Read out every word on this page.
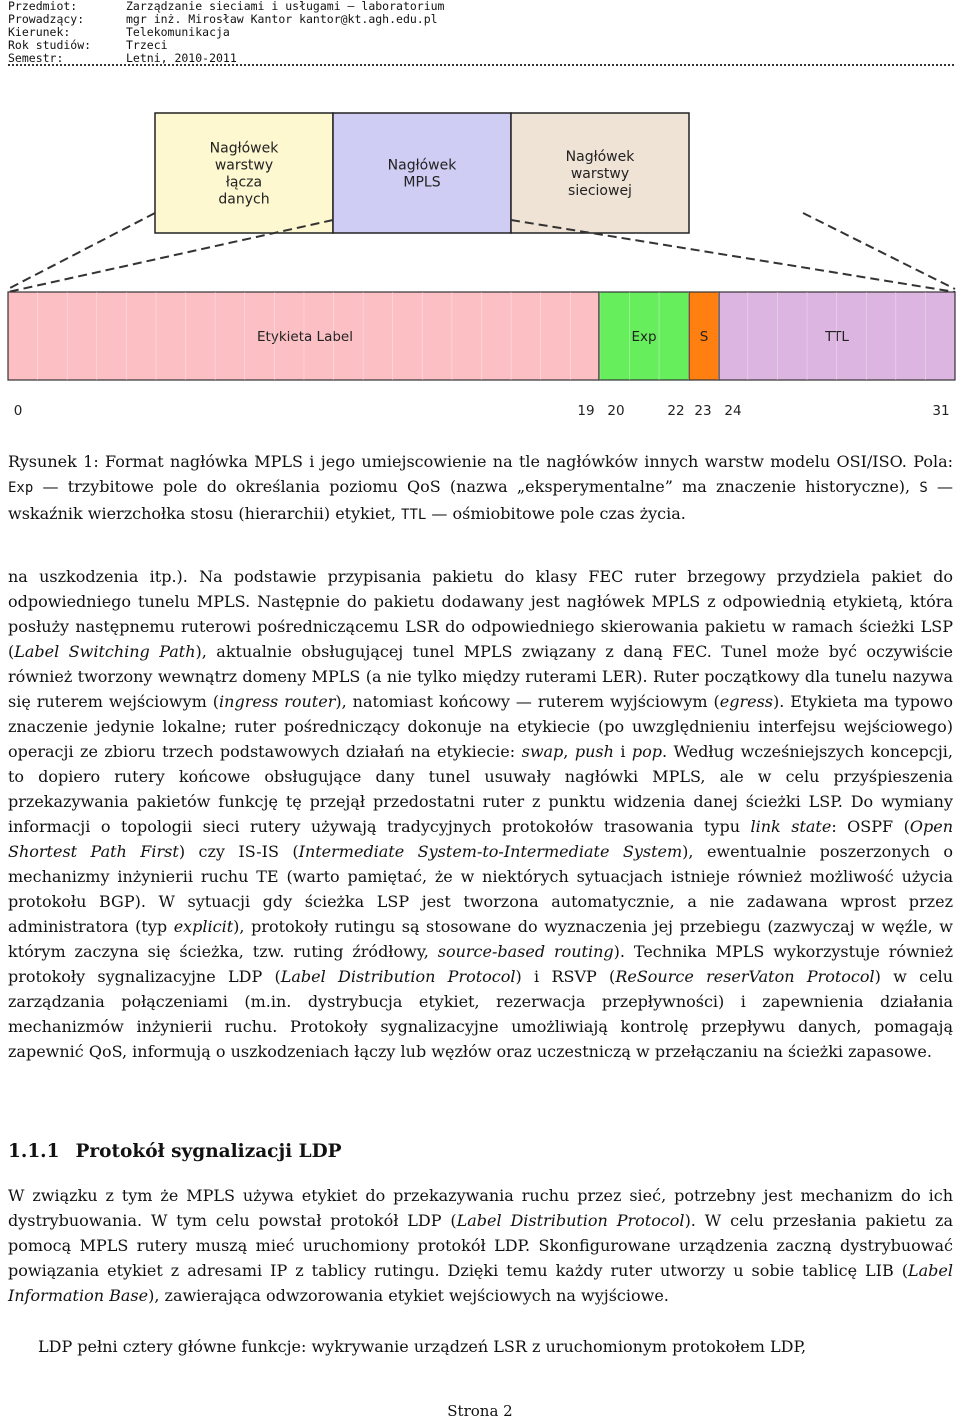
Przedmiot:	Zarządzanie sieciami i usługami — laboratorium
Prowadzący:	mgr inż. Mirosław Kantor kantor@kt.agh.edu.pl
Kierunek:	Telekomunikacja
Rok studiów:	Trzeci
Semestr:	Letni, 2010-2011
Nagłówek
warstwy
łącza
danych
Nagłówek
MPLS
Nagłówek
warstwy
sieciowej
Etykieta Label	Exp	S	TTL
0	19 20	22 23 24	31

Rysunek 1: Format nagłówka MPLS i jego umiejscowienie na tle nagłówków innych warstw modelu OSI/ISO. Pola: Exp — trzybitowe pole do określania poziomu QoS (nazwa „eksperymentalne” ma znaczenie historyczne), S — wskaźnik wierzchołka stosu (hierarchii) etykiet, TTL — ośmiobitowe pole czas życia.

na uszkodzenia itp.). Na podstawie przypisania pakietu do klasy FEC ruter brzegowy przydziela pakiet do odpowiedniego tunelu MPLS. Następnie do pakietu dodawany jest nagłówek MPLS z odpowiednią etykietą, która posłuży następnemu ruterowi pośredniczącemu LSR do odpowiedniego skierowania pakietu w ramach ścieżki LSP (Label Switching Path), aktualnie obsługującej tunel MPLS związany z daną FEC. Tunel może być oczywiście również tworzony wewnątrz domeny MPLS (a nie tylko między ruterami LER). Ruter początkowy dla tunelu nazywa się ruterem wejściowym (ingress router), natomiast końcowy — ruterem wyjściowym (egress). Etykieta ma typowo znaczenie jedynie lokalne; ruter pośredniczący dokonuje na etykiecie (po uwzględnieniu interfejsu wejściowego) operacji ze zbioru trzech podstawowych działań na etykiecie: swap, push i pop. Według wcześniejszych koncepcji, to dopiero rutery końcowe obsługujące dany tunel usuwały nagłówki MPLS, ale w celu przyśpieszenia przekazywania pakietów funkcję tę przejął przedostatni ruter z punktu widzenia danej ścieżki LSP. Do wymiany informacji o topologii sieci rutery używają tradycyjnych protokołów trasowania typu link state: OSPF (Open Shortest Path First) czy IS-IS (Intermediate System-to-Intermediate System), ewentualnie poszerzonych o mechanizmy inżynierii ruchu TE (warto pamiętać, że w niektórych sytuacjach istnieje również możliwość użycia protokołu BGP). W sytuacji gdy ścieżka LSP jest tworzona automatycznie, a nie zadawana wprost przez administratora (typ explicit), protokoły rutingu są stosowane do wyznaczenia jej przebiegu (zazwyczaj w węźle, w którym zaczyna się ścieżka, tzw. ruting źródłowy, source-based routing). Technika MPLS wykorzystuje również protokoły sygnalizacyjne LDP (Label Distribution Protocol) i RSVP (ReSource reserVaton Protocol) w celu zarządzania połączeniami (m.in. dystrybucja etykiet, rezerwacja przepływności) i zapewnienia działania mechanizmów inżynierii ruchu. Protokoły sygnalizacyjne umożliwiają kontrolę przepływu danych, pomagają zapewnić QoS, informują o uszkodzeniach łączy lub węzłów oraz uczestniczą w przełączaniu na ścieżki zapasowe.

1.1.1 Protokół sygnalizacji LDP

W związku z tym że MPLS używa etykiet do przekazywania ruchu przez sieć, potrzebny jest mechanizm do ich dystrybuowania. W tym celu powstał protokół LDP (Label Distribution Protocol). W celu przesłania pakietu za pomocą MPLS rutery muszą mieć uruchomiony protokół LDP. Skonfigurowane urządzenia zaczną dystrybuować powiązania etykiet z adresami IP z tablicy rutingu. Dzięki temu każdy ruter utworzy u sobie tablicę LIB (Label Information Base), zawierająca odwzorowania etykiet wejściowych na wyjściowe.

LDP pełni cztery główne funkcje: wykrywanie urządzeń LSR z uruchomionym protokołem LDP,

Strona 2
